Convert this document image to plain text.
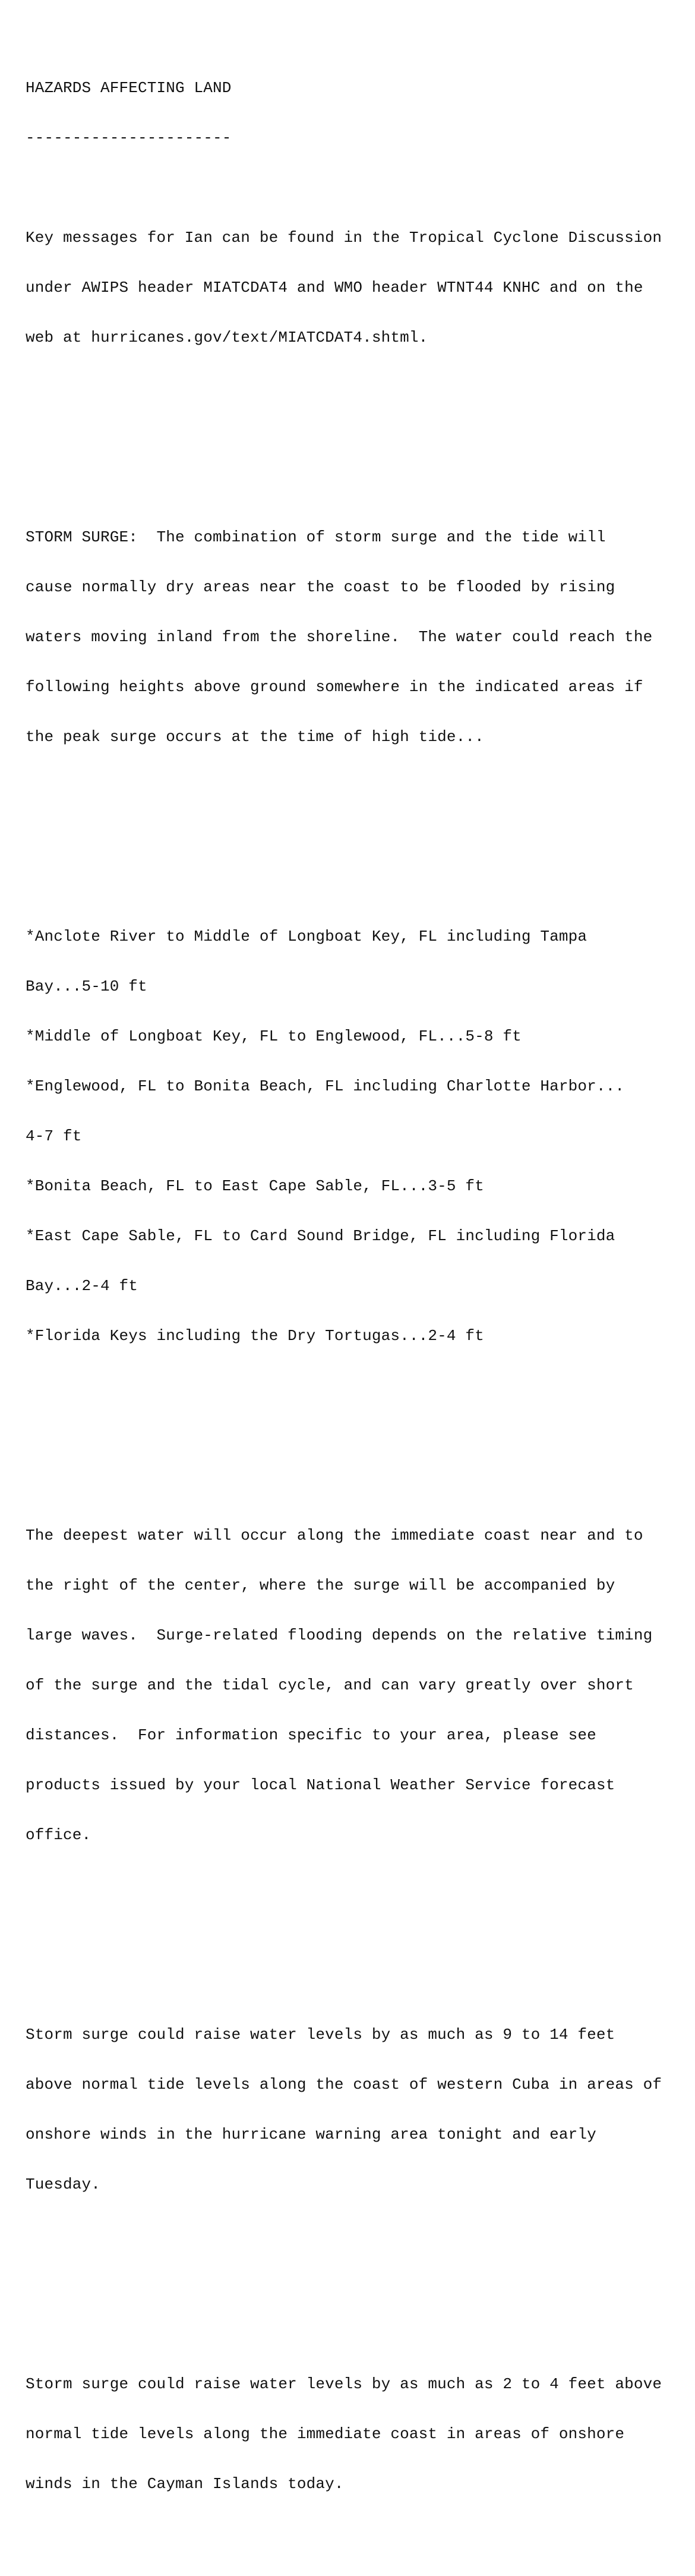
HAZARDS AFFECTING LAND

----------------------

Key messages for Ian can be found in the Tropical Cyclone Discussion

under AWIPS header MIATCDAT4 and WMO header WTNT44 KNHC and on the

web at hurricanes.gov/text/MIATCDAT4.shtml.

STORM SURGE:  The combination of storm surge and the tide will

cause normally dry areas near the coast to be flooded by rising

waters moving inland from the shoreline.  The water could reach the

following heights above ground somewhere in the indicated areas if

the peak surge occurs at the time of high tide...

*Anclote River to Middle of Longboat Key, FL including Tampa

Bay...5-10 ft

*Middle of Longboat Key, FL to Englewood, FL...5-8 ft

*Englewood, FL to Bonita Beach, FL including Charlotte Harbor...

4-7 ft

*Bonita Beach, FL to East Cape Sable, FL...3-5 ft

*East Cape Sable, FL to Card Sound Bridge, FL including Florida

Bay...2-4 ft

*Florida Keys including the Dry Tortugas...2-4 ft

The deepest water will occur along the immediate coast near and to

the right of the center, where the surge will be accompanied by

large waves.  Surge-related flooding depends on the relative timing

of the surge and the tidal cycle, and can vary greatly over short

distances.  For information specific to your area, please see

products issued by your local National Weather Service forecast

office.

Storm surge could raise water levels by as much as 9 to 14 feet

above normal tide levels along the coast of western Cuba in areas of

onshore winds in the hurricane warning area tonight and early

Tuesday.

Storm surge could raise water levels by as much as 2 to 4 feet above

normal tide levels along the immediate coast in areas of onshore

winds in the Cayman Islands today.
